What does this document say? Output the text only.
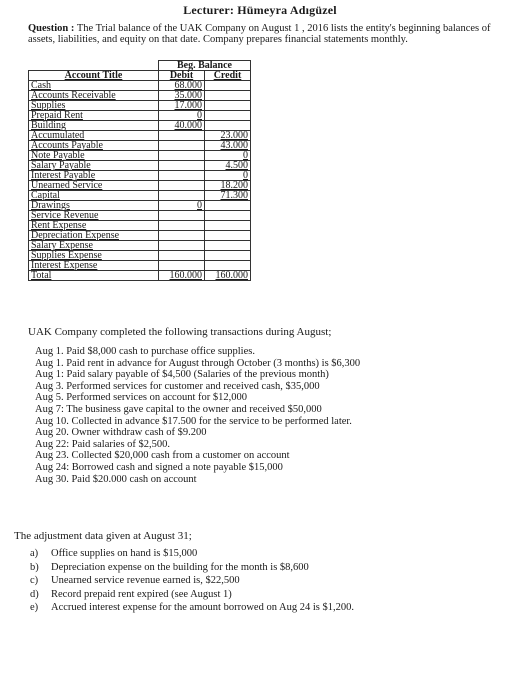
Lecturer: Hümeyra Adıgüzel
Question : The Trial balance of the UAK Company on August 1 , 2016 lists the entity's beginning balances of assets, liabilities, and equity on that date. Company prepares financial statements monthly.
	Beg. Balance	
Account Title	Debit	Credit
Cash	68.000	
Accounts Receivable	35.000	
Supplies	17.000	
Prepaid Rent	0	
Building	40.000	
Accumulated		23.000
Accounts Payable		43.000
Note Payable		0
Salary Payable		4.500
Interest Payable		0
Unearned Service		18.200
Capital		71.300
Drawings	0	
Service Revenue		
Rent Expense		
Depreciation Expense		
Salary Expense		
Supplies Expense		
Interest Expense		
Total	160.000	160.000
UAK Company completed the following transactions during August;
Aug 1. Paid $8,000 cash to purchase office supplies.
Aug 1. Paid rent in advance for August through October (3 months) is $6,300
Aug 1: Paid salary payable of $4,500 (Salaries of the previous month)
Aug 3. Performed services for customer and received cash, $35,000
Aug 5. Performed services on account for $12,000
Aug 7: The business gave capital to the owner and received $50,000
Aug 10. Collected in advance $17.500 for the service to be performed later.
Aug 20. Owner withdraw cash of $9.200
Aug 22: Paid salaries of $2,500.
Aug 23. Collected $20,000 cash from a customer on account
Aug 24: Borrowed cash and signed a note payable $15,000
Aug 30. Paid $20.000 cash on account
The adjustment data given at August 31;
a)	Office supplies on hand is $15,000
b)	Depreciation expense on the building for the month is $8,600
c)	Unearned service revenue earned is, $22,500
d)	Record prepaid rent expired (see August 1)
e)	Accrued interest expense for the amount borrowed on Aug 24 is $1,200.
